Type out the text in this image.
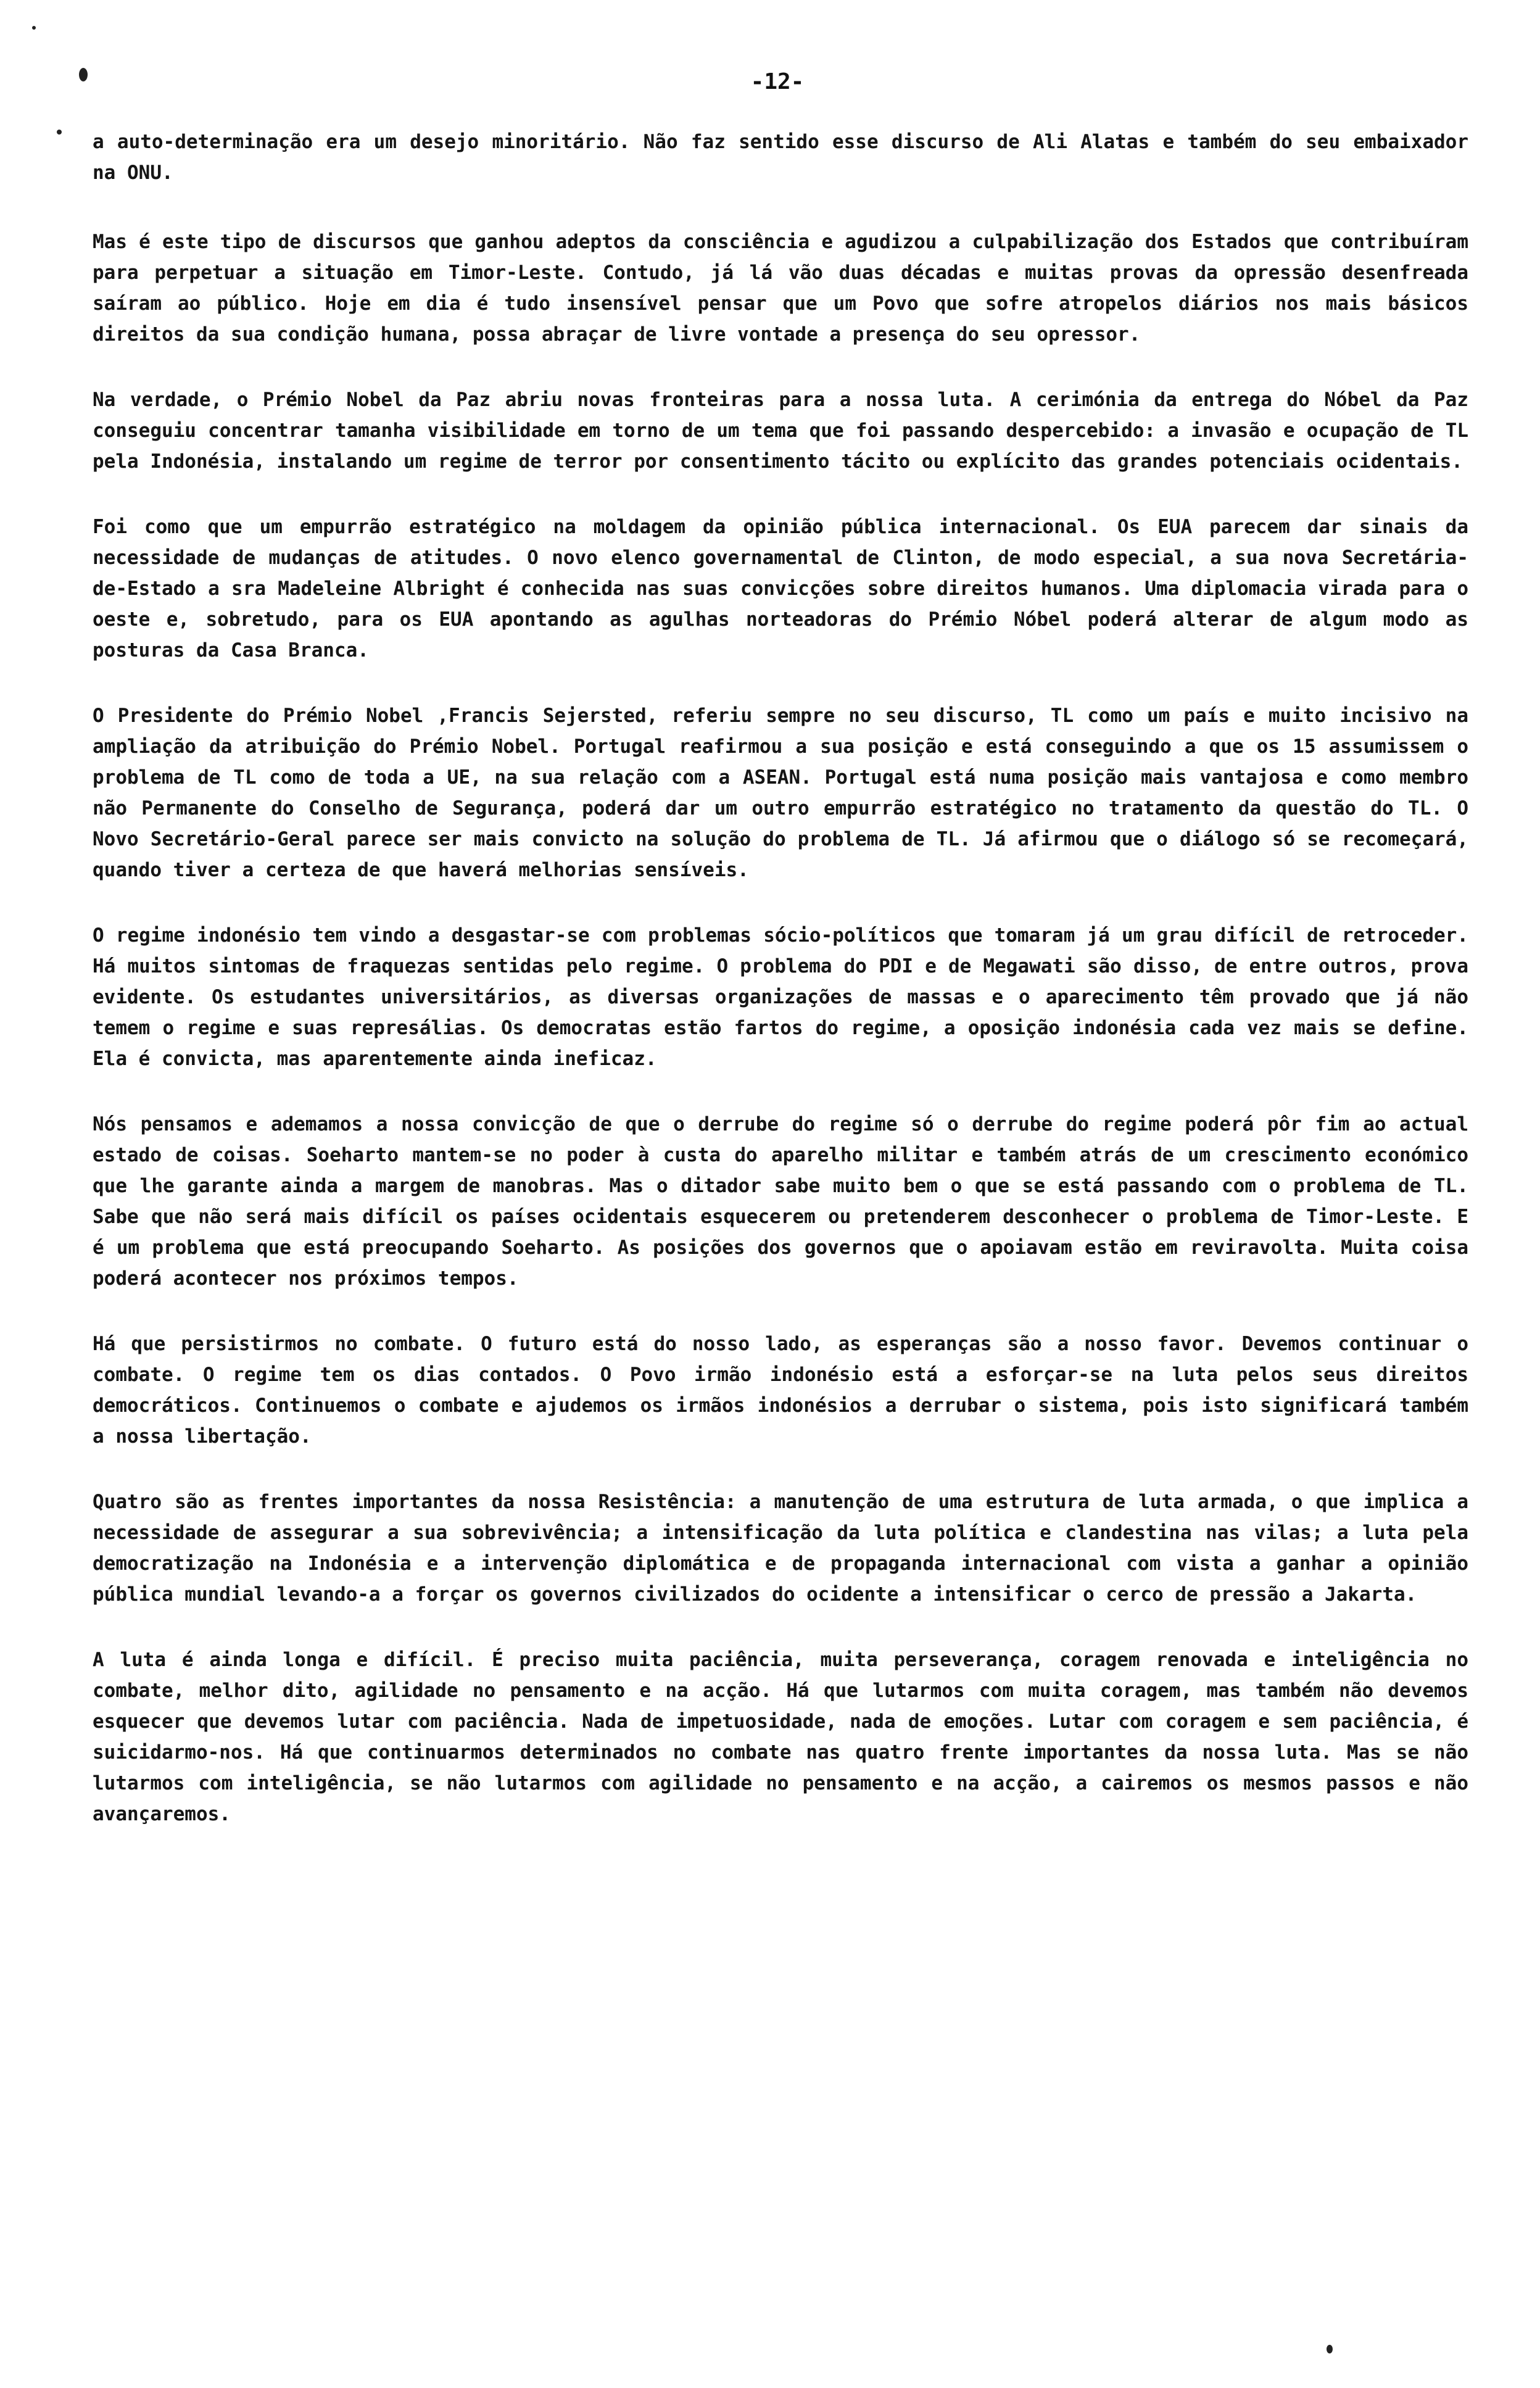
-12-

a auto-determinação era um desejo minoritário. Não faz sentido esse discurso de Ali Alatas e também do seu embaixador na ONU.

Mas é este tipo de discursos que ganhou adeptos da consciência e agudizou a culpabilização dos Estados que contribuíram para perpetuar a situação em Timor-Leste. Contudo, já lá vão duas décadas e muitas provas da opressão desenfreada saíram ao público. Hoje em dia é tudo insensível pensar que um Povo que sofre atropelos diários nos mais básicos direitos da sua condição humana, possa abraçar de livre vontade a presença do seu opressor.

Na verdade, o Prémio Nobel da Paz abriu novas fronteiras para a nossa luta. A cerimónia da entrega do Nóbel da Paz conseguiu concentrar tamanha visibilidade em torno de um tema que foi passando despercebido: a invasão e ocupação de TL pela Indonésia, instalando um regime de terror por consentimento tácito ou explícito das grandes potenciais ocidentais.

Foi como que um empurrão estratégico na moldagem da opinião pública internacional. Os EUA parecem dar sinais da necessidade de mudanças de atitudes. O novo elenco governamental de Clinton, de modo especial, a sua nova Secretária-de-Estado a sra Madeleine Albright é conhecida nas suas convicções sobre direitos humanos. Uma diplomacia virada para o oeste e, sobretudo, para os EUA apontando as agulhas norteadoras do Prémio Nóbel poderá alterar de algum modo as posturas da Casa Branca.

O Presidente do Prémio Nobel ,Francis Sejersted, referiu sempre no seu discurso, TL como um país e muito incisivo na ampliação da atribuição do Prémio Nobel. Portugal reafirmou a sua posição e está conseguindo a que os 15 assumissem o problema de TL como de toda a UE, na sua relação com a ASEAN. Portugal está numa posição mais vantajosa e como membro não Permanente do Conselho de Segurança, poderá dar um outro empurrão estratégico no tratamento da questão do TL. O Novo Secretário-Geral parece ser mais convicto na solução do problema de TL. Já afirmou que o diálogo só se recomeçará, quando tiver a certeza de que haverá melhorias sensíveis.

O regime indonésio tem vindo a desgastar-se com problemas sócio-políticos que tomaram já um grau difícil de retroceder. Há muitos sintomas de fraquezas sentidas pelo regime. O problema do PDI e de Megawati são disso, de entre outros, prova evidente. Os estudantes universitários, as diversas organizações de massas e o aparecimento têm provado que já não temem o regime e suas represálias. Os democratas estão fartos do regime, a oposição indonésia cada vez mais se define. Ela é convicta, mas aparentemente ainda ineficaz.

Nós pensamos e ademamos a nossa convicção de que o derrube do regime só o derrube do regime poderá pôr fim ao actual estado de coisas. Soeharto mantem-se no poder à custa do aparelho militar e também atrás de um crescimento económico que lhe garante ainda a margem de manobras. Mas o ditador sabe muito bem o que se está passando com o problema de TL. Sabe que não será mais difícil os países ocidentais esquecerem ou pretenderem desconhecer o problema de Timor-Leste. E é um problema que está preocupando Soeharto. As posições dos governos que o apoiavam estão em reviravolta. Muita coisa poderá acontecer nos próximos tempos.

Há que persistirmos no combate. O futuro está do nosso lado, as esperanças são a nosso favor. Devemos continuar o combate. O regime tem os dias contados. O Povo irmão indonésio está a esforçar-se na luta pelos seus direitos democráticos. Continuemos o combate e ajudemos os irmãos indonésios a derrubar o sistema, pois isto significará também a nossa libertação.

Quatro são as frentes importantes da nossa Resistência: a manutenção de uma estrutura de luta armada, o que implica a necessidade de assegurar a sua sobrevivência; a intensificação da luta política e clandestina nas vilas; a luta pela democratização na Indonésia e a intervenção diplomática e de propaganda internacional com vista a ganhar a opinião pública mundial levando-a a forçar os governos civilizados do ocidente a intensificar o cerco de pressão a Jakarta.

A luta é ainda longa e difícil. É preciso muita paciência, muita perseverança, coragem renovada e inteligência no combate, melhor dito, agilidade no pensamento e na acção. Há que lutarmos com muita coragem, mas também não devemos esquecer que devemos lutar com paciência. Nada de impetuosidade, nada de emoções. Lutar com coragem e sem paciência, é suicidarmo-nos. Há que continuarmos determinados no combate nas quatro frente importantes da nossa luta. Mas se não lutarmos com inteligência, se não lutarmos com agilidade no pensamento e na acção, a cairemos os mesmos passos e não avançaremos.
